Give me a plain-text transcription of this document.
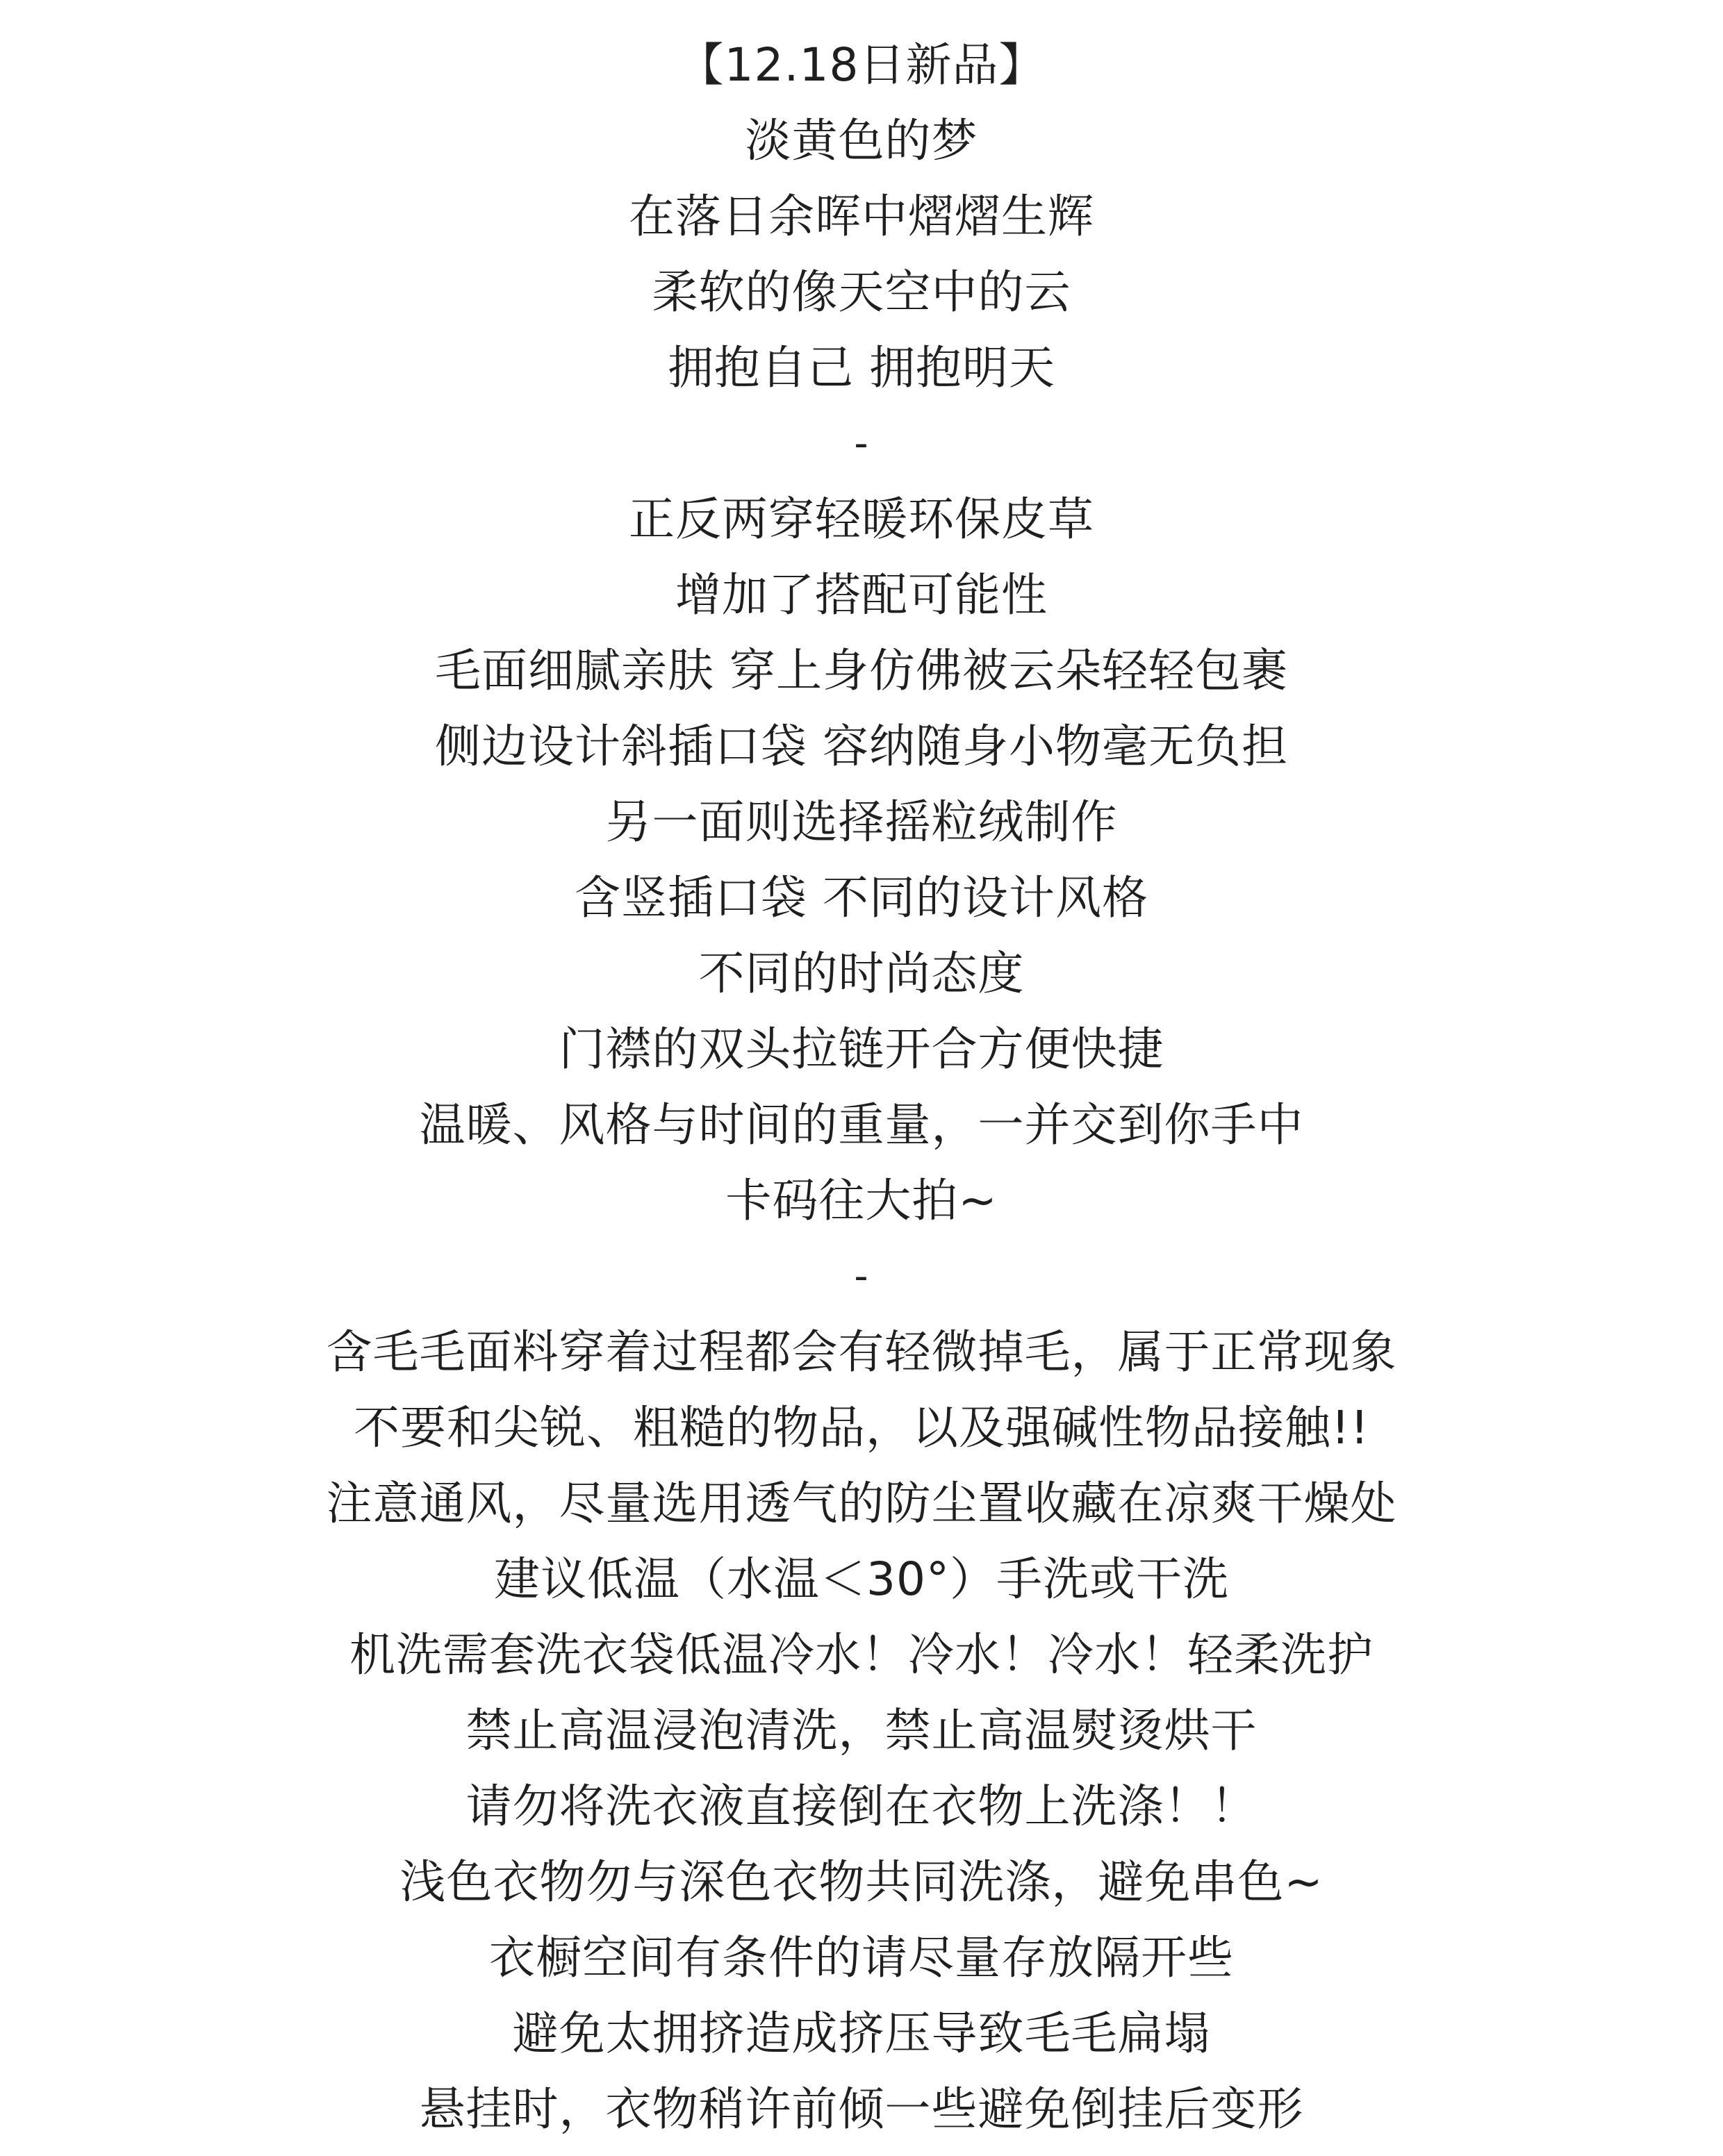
【12.18日新品】
淡黄色的梦
在落日余晖中熠熠生辉
柔软的像天空中的云
拥抱自己 拥抱明天
-
正反两穿轻暖环保皮草
增加了搭配可能性
毛面细腻亲肤 穿上身仿佛被云朵轻轻包裹
侧边设计斜插口袋 容纳随身小物毫无负担
另一面则选择摇粒绒制作
含竖插口袋 不同的设计风格
不同的时尚态度
门襟的双头拉链开合方便快捷
温暖、风格与时间的重量，一并交到你手中
卡码往大拍~
-
含毛毛面料穿着过程都会有轻微掉毛，属于正常现象
不要和尖锐、粗糙的物品，以及强碱性物品接触!!
注意通风，尽量选用透气的防尘置收藏在凉爽干燥处
建议低温（水温＜30°）手洗或干洗
机洗需套洗衣袋低温冷水！冷水！冷水！轻柔洗护
禁止高温浸泡清洗，禁止高温熨烫烘干
请勿将洗衣液直接倒在衣物上洗涤！！
浅色衣物勿与深色衣物共同洗涤，避免串色~
衣橱空间有条件的请尽量存放隔开些
避免太拥挤造成挤压导致毛毛扁塌
悬挂时，衣物稍许前倾一些避免倒挂后变形
